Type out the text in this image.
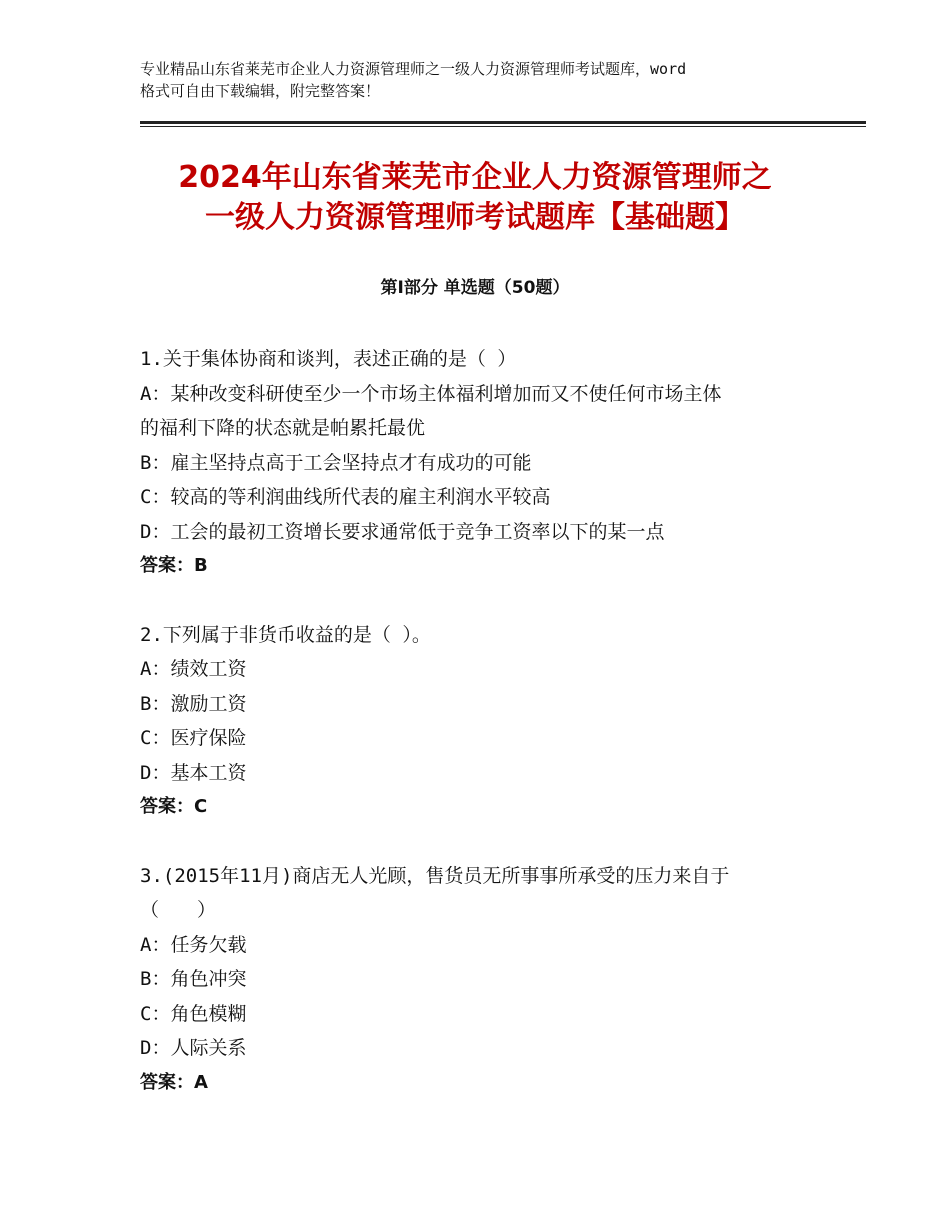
专业精品山东省莱芜市企业人力资源管理师之一级人力资源管理师考试题库，word
格式可自由下载编辑，附完整答案！
2024年山东省莱芜市企业人力资源管理师之
一级人力资源管理师考试题库【基础题】
第Ⅰ部分 单选题（50题）
1.关于集体协商和谈判，表述正确的是（ ）
A：某种改变科研使至少一个市场主体福利增加而又不使任何市场主体
的福利下降的状态就是帕累托最优
B：雇主坚持点高于工会坚持点才有成功的可能
C：较高的等利润曲线所代表的雇主利润水平较高
D：工会的最初工资增长要求通常低于竞争工资率以下的某一点
答案：B
2.下列属于非货币收益的是（ ）。
A：绩效工资
B：激励工资
C：医疗保险
D：基本工资
答案：C
3.(2015年11月)商店无人光顾，售货员无所事事所承受的压力来自于
（　　）
A：任务欠载
B：角色冲突
C：角色模糊
D：人际关系
答案：A
